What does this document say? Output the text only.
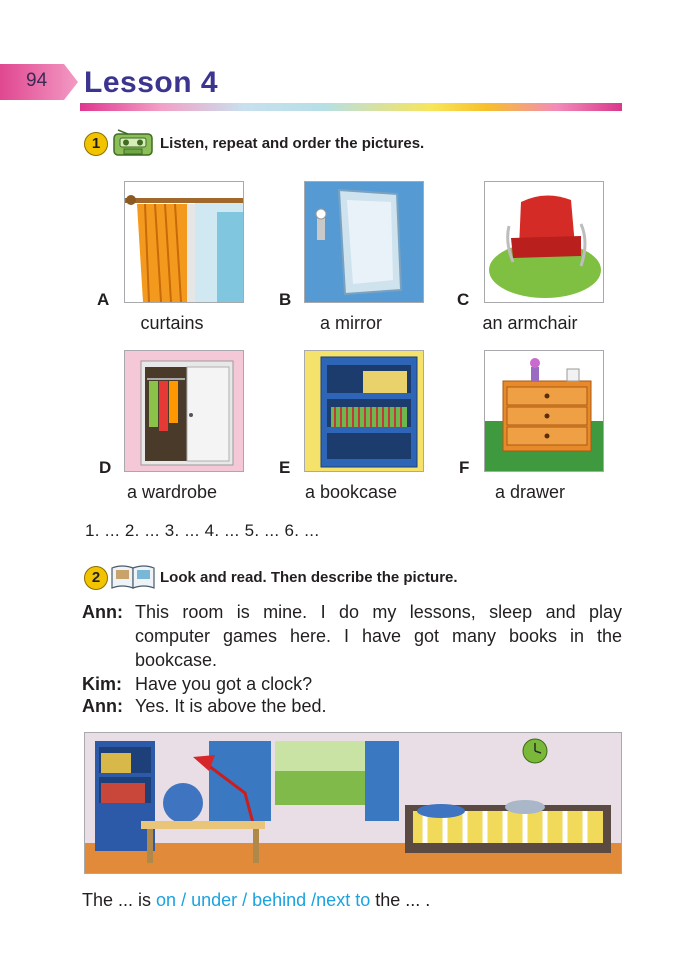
94 Lesson 4
1	Listen, repeat and order the pictures.
A	B	C
curtains	a mirror	an armchair
D	E	F
a wardrobe	a bookcase	a drawer
1. ... 2. ... 3. ... 4. ... 5. ... 6. ...
2	Look and read. Then describe the picture.
Ann: This room is mine. I do my lessons, sleep and play
computer games here. I have got many books in the
bookcase.
Kim: Have you got a clock?
Ann: Yes. It is above the bed.
The ... is on / under / behind /next to the ... .
